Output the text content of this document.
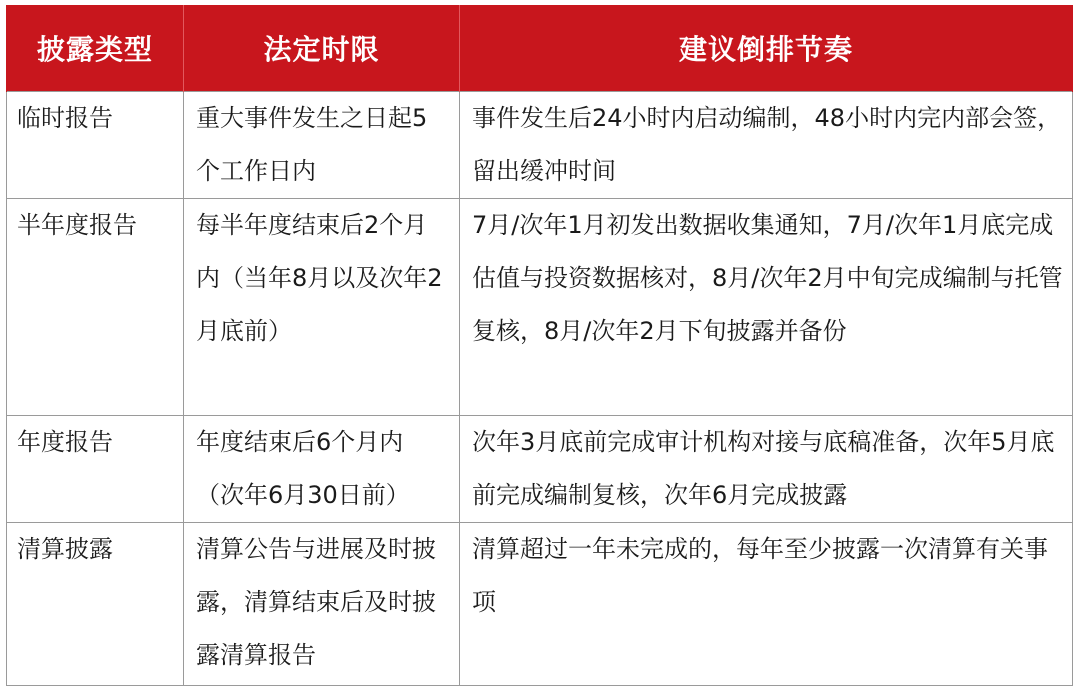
披露类型	法定时限	建议倒排节奏
临时报告	重大事件发生之日起5个工作日内	事件发生后24小时内启动编制，48小时内完内部会签，留出缓冲时间
半年度报告	每半年度结束后2个月内（当年8月以及次年2月底前）	7月/次年1月初发出数据收集通知，7月/次年1月底完成估值与投资数据核对，8月/次年2月中旬完成编制与托管复核，8月/次年2月下旬披露并备份
年度报告	年度结束后6个月内（次年6月30日前）	次年3月底前完成审计机构对接与底稿准备，次年5月底前完成编制复核，次年6月完成披露
清算披露	清算公告与进展及时披露，清算结束后及时披露清算报告	清算超过一年未完成的，每年至少披露一次清算有关事项
